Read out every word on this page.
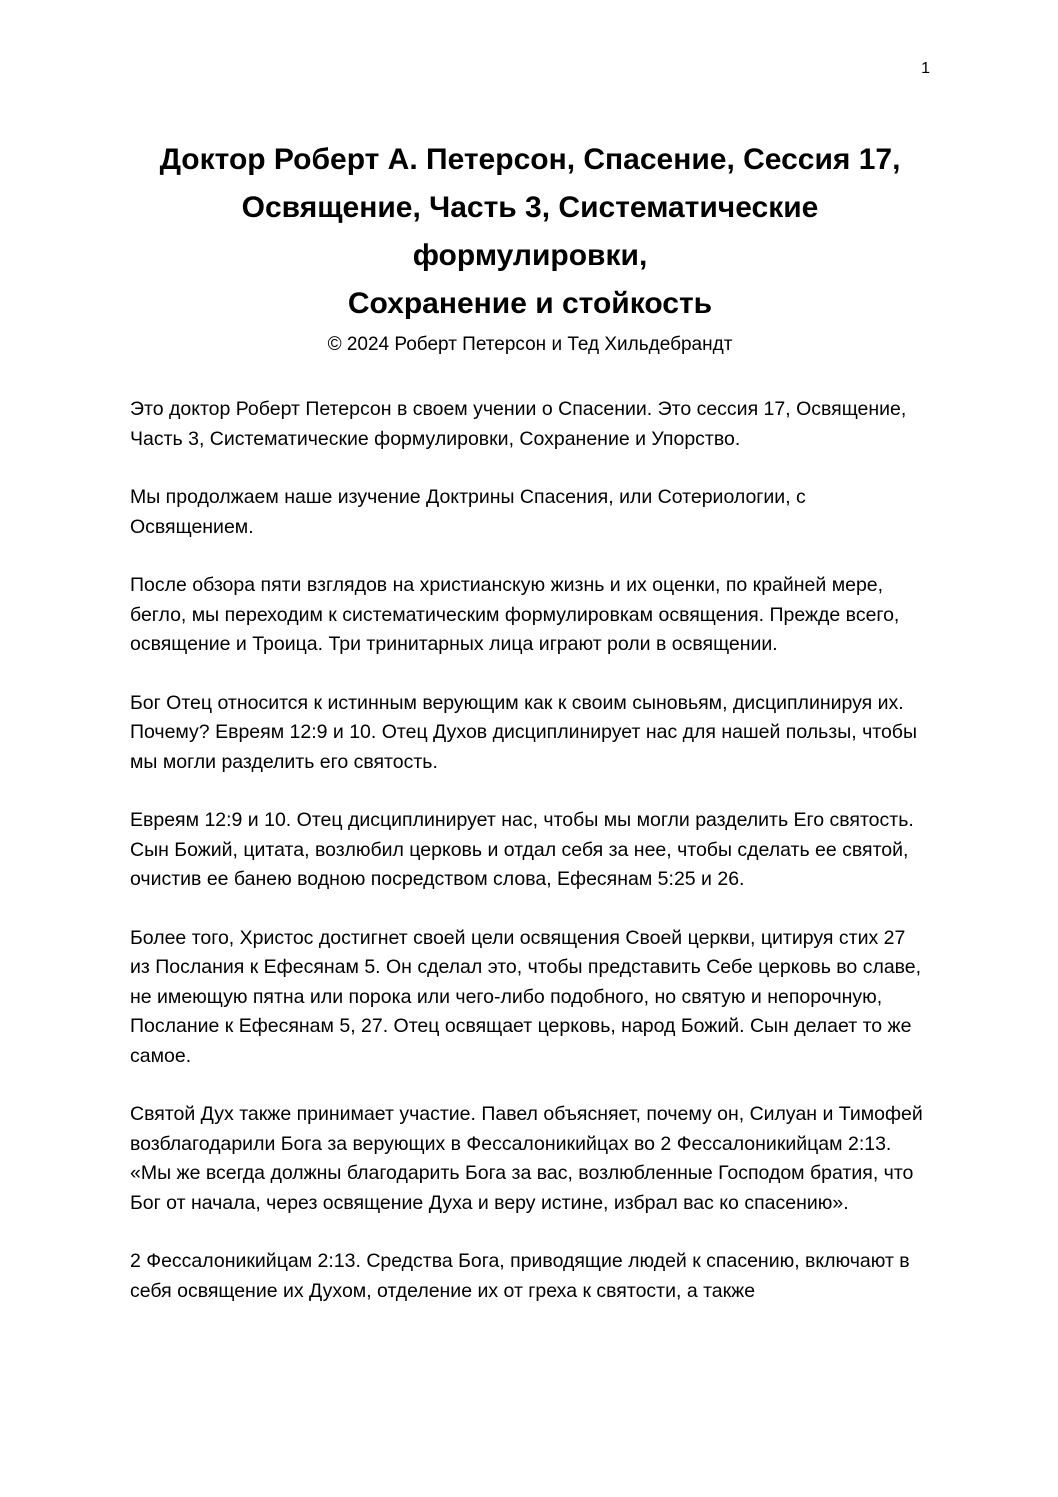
1
Доктор Роберт А. Петерсон, Спасение, Сессия 17,
Освящение, Часть 3, Систематические
формулировки,
Сохранение и стойкость
© 2024 Роберт Петерсон и Тед Хильдебрандт

Это доктор Роберт Петерсон в своем учении о Спасении. Это сессия 17, Освящение, Часть 3, Систематические формулировки, Сохранение и Упорство.

Мы продолжаем наше изучение Доктрины Спасения, или Сотериологии, с Освящением.

После обзора пяти взглядов на христианскую жизнь и их оценки, по крайней мере, бегло, мы переходим к систематическим формулировкам освящения. Прежде всего, освящение и Троица. Три тринитарных лица играют роли в освящении.

Бог Отец относится к истинным верующим как к своим сыновьям, дисциплинируя их. Почему? Евреям 12:9 и 10. Отец Духов дисциплинирует нас для нашей пользы, чтобы мы могли разделить его святость.

Евреям 12:9 и 10. Отец дисциплинирует нас, чтобы мы могли разделить Его святость. Сын Божий, цитата, возлюбил церковь и отдал себя за нее, чтобы сделать ее святой, очистив ее банею водною посредством слова, Ефесянам 5:25 и 26.

Более того, Христос достигнет своей цели освящения Своей церкви, цитируя стих 27 из Послания к Ефесянам 5. Он сделал это, чтобы представить Себе церковь во славе, не имеющую пятна или порока или чего-либо подобного, но святую и непорочную, Послание к Ефесянам 5, 27. Отец освящает церковь, народ Божий. Сын делает то же самое.

Святой Дух также принимает участие. Павел объясняет, почему он, Силуан и Тимофей возблагодарили Бога за верующих в Фессалоникийцах во 2 Фессалоникийцам 2:13. «Мы же всегда должны благодарить Бога за вас, возлюбленные Господом братия, что Бог от начала, через освящение Духа и веру истине, избрал вас ко спасению».

2 Фессалоникийцам 2:13. Средства Бога, приводящие людей к спасению, включают в себя освящение их Духом, отделение их от греха к святости, а также
